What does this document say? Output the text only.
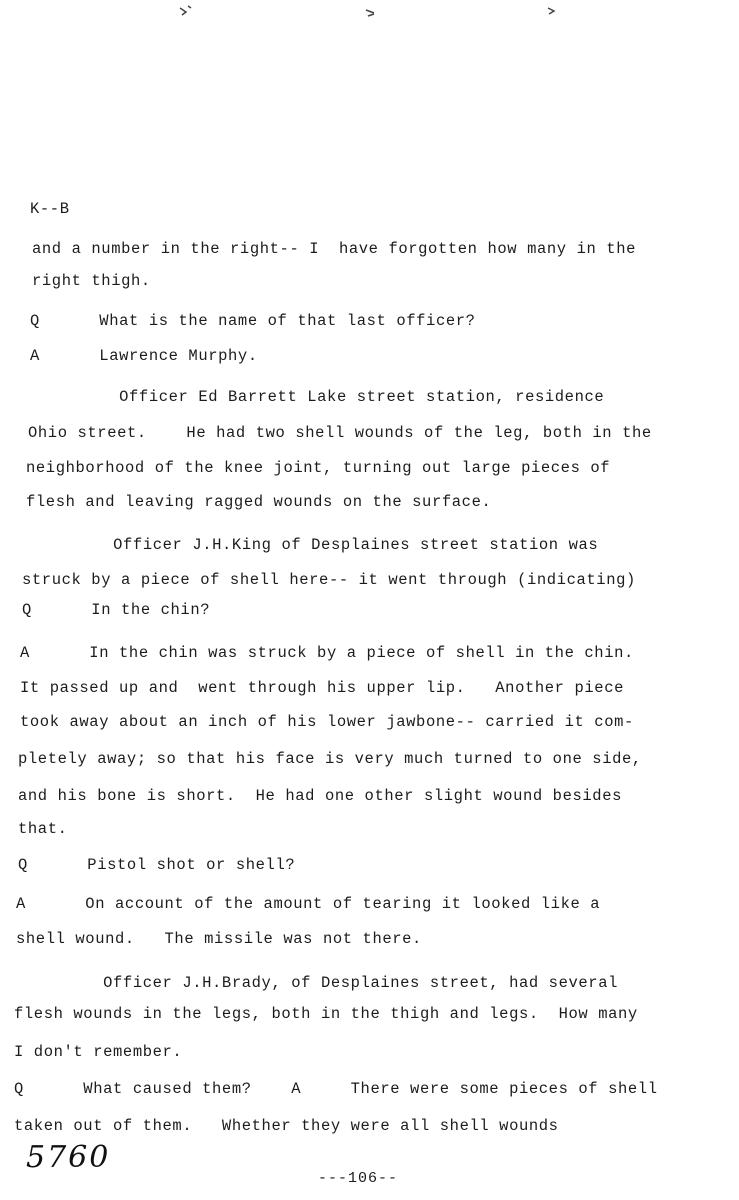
K--B
and a number in the right-- I  have forgotten how many in the
right thigh.
Q      What is the name of that last officer?
A      Lawrence Murphy.
Officer Ed Barrett Lake street station, residence
Ohio street.    He had two shell wounds of the leg, both in the
neighborhood of the knee joint, turning out large pieces of
flesh and leaving ragged wounds on the surface.
Officer J.H.King of Desplaines street station was
struck by a piece of shell here-- it went through (indicating)
Q      In the chin?
A      In the chin was struck by a piece of shell in the chin.
It passed up and  went through his upper lip.   Another piece
took away about an inch of his lower jawbone-- carried it com-
pletely away; so that his face is very much turned to one side,
and his bone is short.  He had one other slight wound besides
that.
Q      Pistol shot or shell?
A      On account of the amount of tearing it looked like a
shell wound.   The missile was not there.
Officer J.H.Brady, of Desplaines street, had several
flesh wounds in the legs, both in the thigh and legs.  How many
I don't remember.
Q      What caused them?    A     There were some pieces of shell
taken out of them.   Whether they were all shell wounds
5760
---106--
